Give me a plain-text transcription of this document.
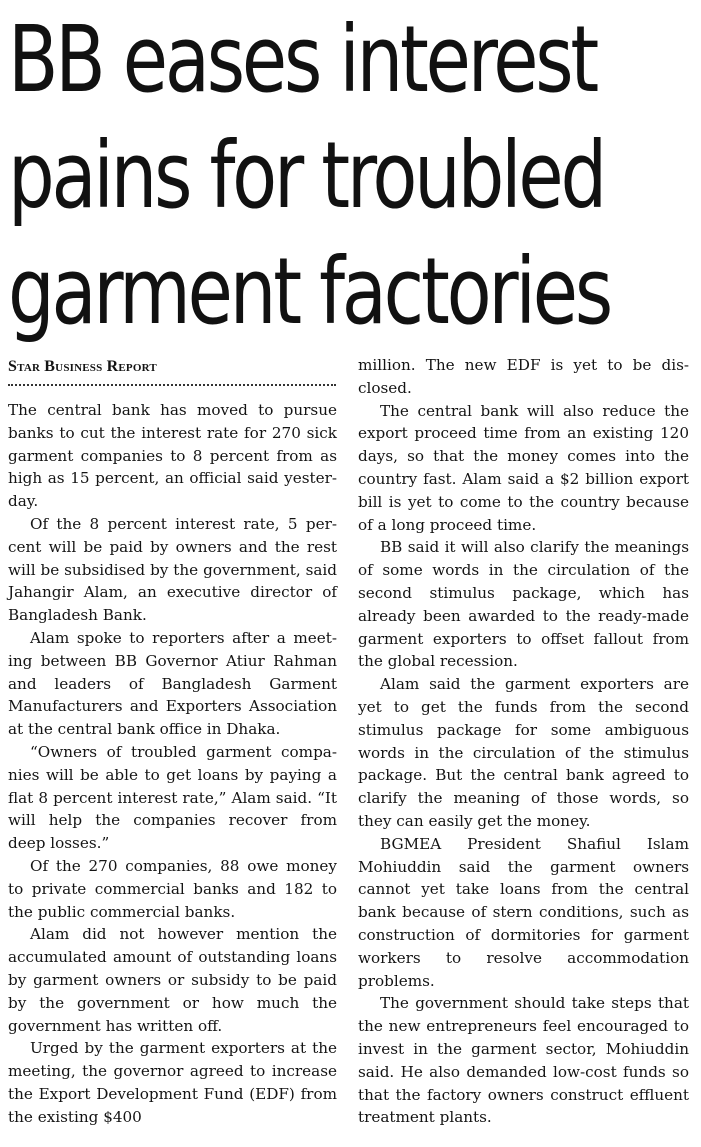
BB eases interest
pains for troubled
garment factories
Star Business Report

The central bank has moved to pursue banks to cut the interest rate for 270 sick garment companies to 8 percent from as high as 15 percent, an official said yesterday.

Of the 8 percent interest rate, 5 percent will be paid by owners and the rest will be subsidised by the government, said Jahangir Alam, an executive director of Bangladesh Bank.

Alam spoke to reporters after a meeting between BB Governor Atiur Rahman and leaders of Bangladesh Garment Manufacturers and Exporters Association at the central bank office in Dhaka.

“Owners of troubled garment companies will be able to get loans by paying a flat 8 percent interest rate,” Alam said. “It will help the companies recover from deep losses.”

Of the 270 companies, 88 owe money to private commercial banks and 182 to the public commercial banks.

Alam did not however mention the accumulated amount of outstanding loans by garment owners or subsidy to be paid by the government or how much the government has written off.

Urged by the garment exporters at the meeting, the governor agreed to increase the Export Development Fund (EDF) from the existing $400

million. The new EDF is yet to be disclosed.

The central bank will also reduce the export proceed time from an existing 120 days, so that the money comes into the country fast. Alam said a $2 billion export bill is yet to come to the country because of a long proceed time.

BB said it will also clarify the meanings of some words in the circulation of the second stimulus package, which has already been awarded to the ready-made garment exporters to offset fallout from the global recession.

Alam said the garment exporters are yet to get the funds from the second stimulus package for some ambiguous words in the circulation of the stimulus package. But the central bank agreed to clarify the meaning of those words, so they can easily get the money.

BGMEA President Shafiul Islam Mohiuddin said the garment owners cannot yet take loans from the central bank because of stern conditions, such as construction of dormitories for garment workers to resolve accommodation problems.

The government should take steps that the new entrepreneurs feel encouraged to invest in the garment sector, Mohiuddin said. He also demanded low-cost funds so that the factory owners construct effluent treatment plants.
